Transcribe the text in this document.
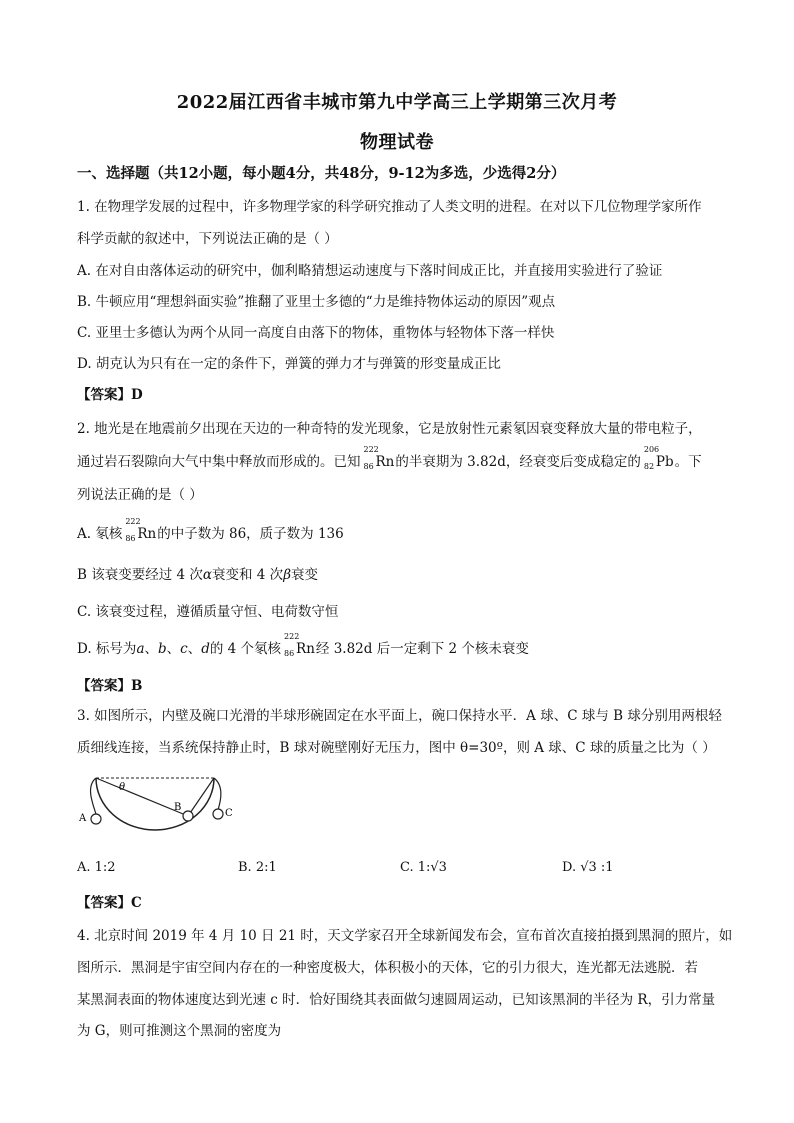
2022届江西省丰城市第九中学高三上学期第三次月考
物理试卷
一、选择题（共12小题，每小题4分，共48分，9-12为多选，少选得2分）
1. 在物理学发展的过程中，许多物理学家的科学研究推动了人类文明的进程。在对以下几位物理学家所作
科学贡献的叙述中，下列说法正确的是（ ）
A. 在对自由落体运动的研究中，伽利略猜想运动速度与下落时间成正比，并直接用实验进行了验证
B. 牛顿应用“理想斜面实验”推翻了亚里士多德的“力是维持物体运动的原因”观点
C. 亚里士多德认为两个从同一高度自由落下的物体，重物体与轻物体下落一样快
D. 胡克认为只有在一定的条件下，弹簧的弹力才与弹簧的形变量成正比
【答案】D
2. 地光是在地震前夕出现在天边的一种奇特的发光现象，它是放射性元素氡因衰变释放大量的带电粒子，
通过岩石裂隙向大气中集中释放而形成的。已知
222
86 Rn的半衰期为 3.82d，经衰变后变成稳定的
206
82 Pb。下
列说法正确的是（ ）
A. 氡核
222
86 Rn的中子数为 86，质子数为 136
B 该衰变要经过 4 次α衰变和 4 次β衰变
C. 该衰变过程，遵循质量守恒、电荷数守恒
D. 标号为a、b、c、d的 4 个氡核
222
86 Rn经 3.82d 后一定剩下 2 个核未衰变
【答案】B
3. 如图所示，内壁及碗口光滑的半球形碗固定在水平面上，碗口保持水平．A 球、C 球与 B 球分别用两根轻
质细线连接，当系统保持静止时，B 球对碗壁刚好无压力，图中 θ=30º，则 A 球、C 球的质量之比为（ ）
θ
A
B
C
A. 1:2	B. 2:1	C. 1:√3	D. √3 :1
【答案】C
4. 北京时间 2019 年 4 月 10 日 21 时，天文学家召开全球新闻发布会，宣布首次直接拍摄到黑洞的照片，如
图所示．黑洞是宇宙空间内存在的一种密度极大，体积极小的天体，它的引力很大，连光都无法逃脱．若
某黑洞表面的物体速度达到光速 c 时．恰好围绕其表面做匀速圆周运动，已知该黑洞的半径为 R，引力常量
为 G，则可推测这个黑洞的密度为
